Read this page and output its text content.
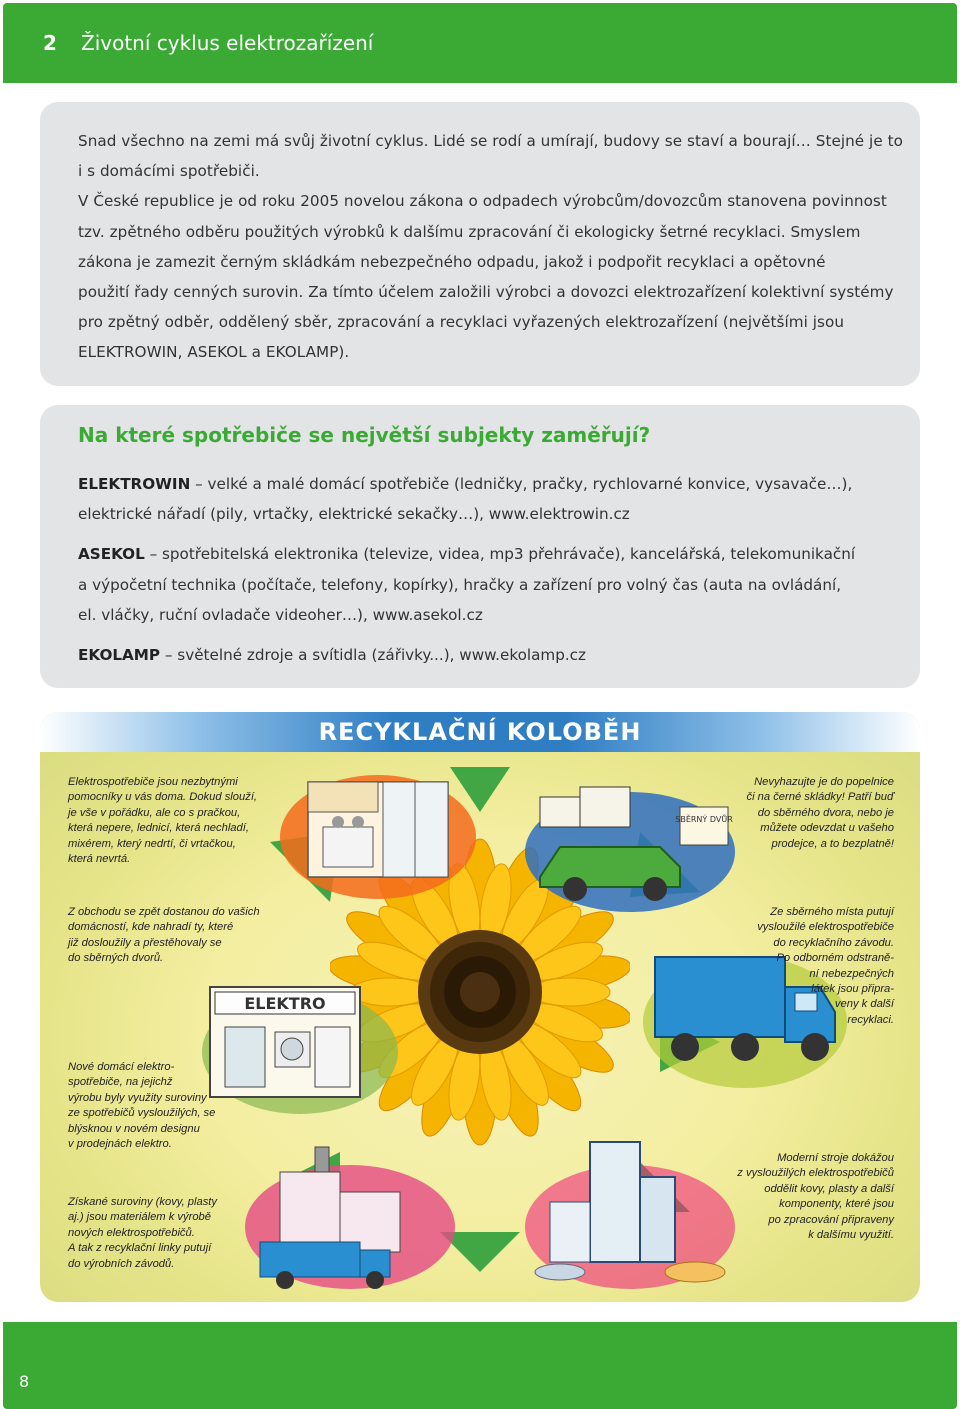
2	Životní cyklus elektrozařízení
Snad všechno na zemi má svůj životní cyklus. Lidé se rodí a umírají, budovy se staví a bourají… Stejné je to
i s domácími spotřebiči.
V České republice je od roku 2005 novelou zákona o odpadech výrobcům/dovozcům stanovena povinnost
tzv. zpětného odběru použitých výrobků k dalšímu zpracování či ekologicky šetrné recyklaci. Smyslem
zákona je zamezit černým skládkám nebezpečného odpadu, jakož i podpořit recyklaci a opětovné
použití řady cenných surovin. Za tímto účelem založili výrobci a dovozci elektrozařízení kolektivní systémy
pro zpětný odběr, oddělený sběr, zpracování a recyklaci vyřazených elektrozařízení (největšími jsou
ELEKTROWIN, ASEKOL a EKOLAMP).
Na které spotřebiče se největší subjekty zaměřují?
ELEKTROWIN – velké a malé domácí spotřebiče (ledničky, pračky, rychlovarné konvice, vysavače…),
elektrické nářadí (pily, vrtačky, elektrické sekačky…), www.elektrowin.cz
ASEKOL – spotřebitelská elektronika (televize, videa, mp3 přehrávače), kancelářská, telekomunikační
a výpočetní technika (počítače, telefony, kopírky), hračky a zařízení pro volný čas (auta na ovládání,
el. vláčky, ruční ovladače videoher…), www.asekol.cz
EKOLAMP – světelné zdroje a svítidla (zářivky...), www.ekolamp.cz
RECYKLAČNÍ KOLOBĚH
SBĚRNÝ DVŮR
ELEKTRO
Elektrospotřebiče jsou nezbytnými
pomocníky u vás doma. Dokud slouží,
je vše v pořádku, ale co s pračkou,
která nepere, lednicí, která nechladí,
mixérem, který nedrtí, či vrtačkou,
která nevrtá.
Nevyhazujte je do popelnice
či na černé skládky! Patří buď
do sběrného dvora, nebo je
můžete odevzdat u vašeho
prodejce, a to bezplatně!
Z obchodu se zpět dostanou do vašich
domácností, kde nahradí ty, které
již dosloužily a přestěhovaly se
do sběrných dvorů.
Ze sběrného místa putují
vysloužilé elektrospotřebiče
do recyklačního závodu.
Po odborném odstraně-
ní nebezpečných
látek jsou připra-
veny k další
recyklaci.
Nové domácí elektro-
spotřebiče, na jejichž
výrobu byly využity suroviny
ze spotřebičů vysloužilých, se
blýsknou v novém designu
v prodejnách elektro.
Získané suroviny (kovy, plasty
aj.) jsou materiálem k výrobě
nových elektrospotřebičů.
A tak z recyklační linky putují
do výrobních závodů.
Moderní stroje dokážou
z vysloužilých elektrospotřebičů
oddělit kovy, plasty a další
komponenty, které jsou
po zpracování připraveny
k dalšímu využití.
8
